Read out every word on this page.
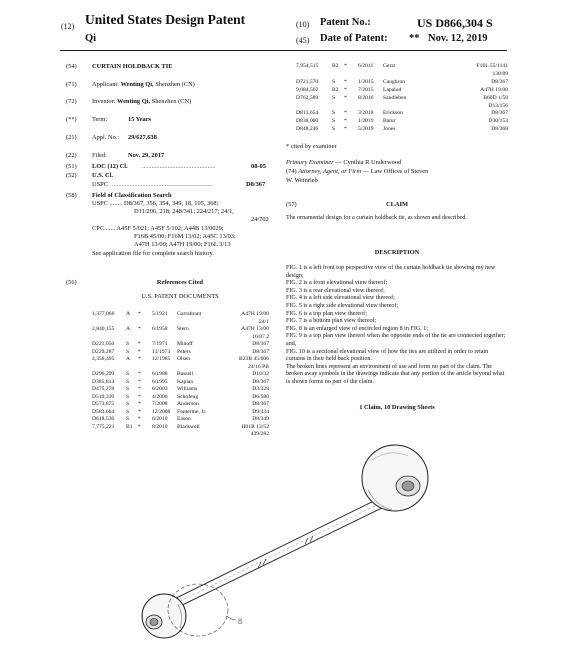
(12) United States Design Patent
Qi
(10) Patent No.:	US D866,304 S
(45) Date of Patent: ** Nov. 12, 2019
(54) CURTAIN HOLDBACK TIE
(71) Applicant: Wenting Qi, Shenzhen (CN)
(72) Inventor: Wenting Qi, Shenzhen (CN)
(**) Term:	15 Years
(21) Appl. No.: 29/627,638
(22) Filed:	Nov. 29, 2017
(51) LOC (12) Cl. ..............................................	08-05
(52) U.S. Cl.
USPC ...............................................................	D8/367
(58) Field of Classification Search
USPC ........ D8/367, 356, 354, 349, 18, 105, 368;
D11/206, 218; 248/341; 224/217; 24/1,
24/702
CPC ...... A45F 5/021; A45F 5/102; A44B 13/0029;
F16B 45/00; F16M 13/02; A45C 13/03;
A47H 13/00; A47H 19/00; F16L 3/13
See application file for complete search history.
(56)	References Cited
U.S. PATENT DOCUMENTS
1,377,066 A * 5/1921 Garrabrant	A47H 19/00
24/1
2,840,155 A * 6/1958 Stern	A47H 13/00
16/87.2
D221,056 S * 7/1971 Minoff	D8/367
D229,287 S * 11/1973 Peters	D8/367
4,358,495 A * 12/1985 Olsen	B23B 45/006
24/16 PB
D296,299 S * 6/1988 Bassell	D10/32
D385,814 S * 6/1995 Kaplan	D8/367
D475,278 S * 6/2003 Williams	D3/328
D519,310 S * 4/2006 Schofeng	D6/580
D573,875 S * 7/2008 Anderson	D8/367
D583,664 S * 12/2008 Fonterme, Jr.	D9/434
D618,536 S * 6/2010 Eason	D8/349
7,775,221 B1 * 8/2010 Blackwell	H01R 13/52
439/282
7,954,515 B2 * 6/2011 Gerst	F16L 55/1141
138/89
D721,570 S * 1/2015 Caughron	D8/367
9,084,502 B2 * 7/2015 Lapalud	A47H 19/00
D762,589 S * 8/2016 Sandleben	B60D 1/58
D13/156
D813,654 S * 3/2018 Erickson	D8/367
D838,000 S * 1/2019 Batur	D30/153
D848,246 S * 5/2019 Jones	D8/368
* cited by examiner
Primary Examiner — Cynthia R Underwood
(74) Attorney, Agent, or Firm — Law Offices of Steven
W. Weinrieb
(57)	CLAIM
The ornamental design for a curtain holdback tie, as shown and described.
DESCRIPTION

FIG. 1 is a left front top perspective view of the curtain holdback tie showing my new design;

FIG. 2 is a front elevational view thereof;

FIG. 3 is a rear elevational view thereof;

FIG. 4 is a left side elevational view thereof;

FIG. 5 is a right side elevational view thereof;

FIG. 6 is a top plan view thereof;

FIG. 7 is a bottom plan view thereof;

FIG. 8 is an enlarged view of encircled region 8 in FIG. 1;

FIG. 9 is a top plan view thereof when the opposite ends of the tie are connected together; and,

FIG. 10 is a sectional elevational view of how the ties are utilized in order to retain curtains in their held back position.

The broken lines represent an environment of use and form no part of the claim. The broken away symbols in the drawings indicate that any portion of the article beyond what is shown forms no part of the claim.

1 Claim, 10 Drawing Sheets
8
